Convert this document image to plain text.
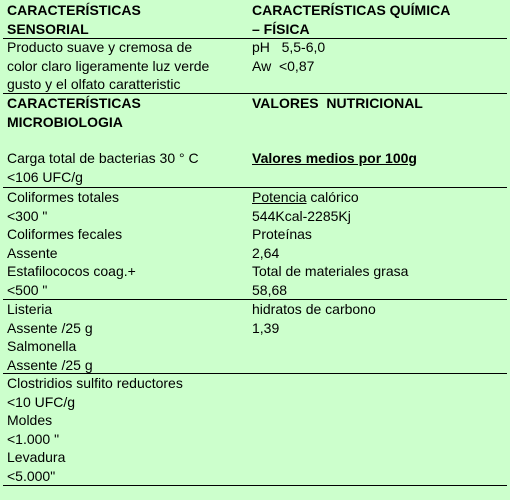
CARACTERÍSTICAS
SENSORIAL
CARACTERÍSTICAS QUÍMICA
– FÍSICA
Producto suave y cremosa de
color claro ligeramente luz verde
gusto y el olfato caratteristic
pH   5,5-6,0
Aw  <0,87
CARACTERÍSTICAS
MICROBIOLOGIA
Carga total de bacterias 30 ° C
<106 UFC/g
VALORES  NUTRICIONAL
Valores medios por 100g
Coliformes totales
<300 "
Coliformes fecales
Assente
Estafilococos coag.+
<500 "
Potencia calórico
544Kcal-2285Kj
Proteínas
2,64
Total de materiales grasa
58,68
Listeria
Assente /25 g
Salmonella
Assente /25 g
hidratos de carbono
1,39
Clostridios sulfito reductores
<10 UFC/g
Moldes
<1.000 "
Levadura
<5.000"
